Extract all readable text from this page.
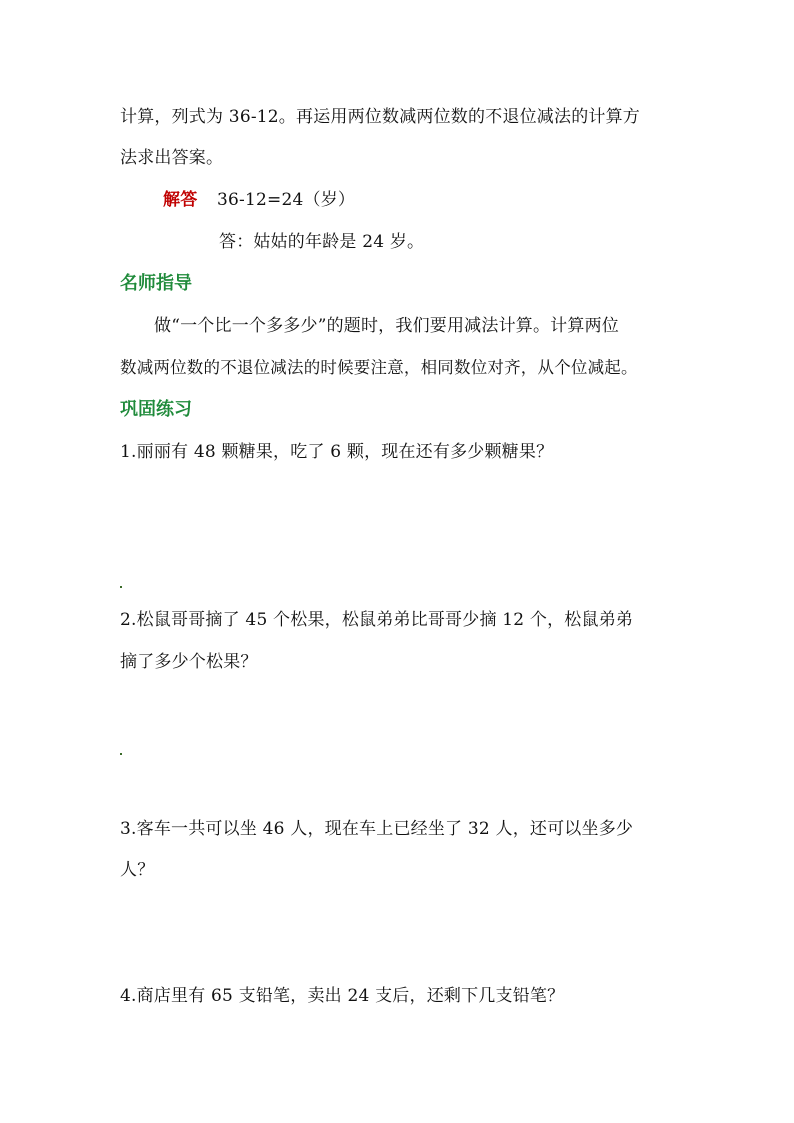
计算，列式为 36-12。再运用两位数减两位数的不退位减法的计算方
法求出答案。
解答 36-12=24（岁）
答：姑姑的年龄是 24 岁。
名师指导
做“一个比一个多多少”的题时，我们要用减法计算。计算两位
数减两位数的不退位减法的时候要注意，相同数位对齐，从个位减起。
巩固练习
1.丽丽有 48 颗糖果，吃了 6 颗，现在还有多少颗糖果？
2.松鼠哥哥摘了 45 个松果，松鼠弟弟比哥哥少摘 12 个，松鼠弟弟
摘了多少个松果？
3.客车一共可以坐 46 人，现在车上已经坐了 32 人，还可以坐多少
人？
4.商店里有 65 支铅笔，卖出 24 支后，还剩下几支铅笔？
